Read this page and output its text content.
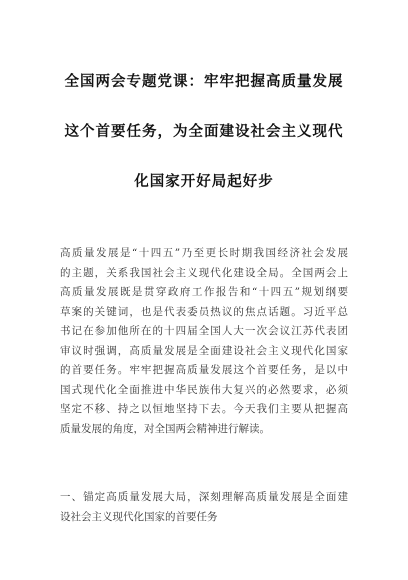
全国两会专题党课：牢牢把握高质量发展
这个首要任务，为全面建设社会主义现代
化国家开好局起好步
高质量发展是“十四五”乃至更长时期我国经济社会发展
的主题，关系我国社会主义现代化建设全局。全国两会上
高质量发展既是贯穿政府工作报告和“十四五”规划纲要
草案的关键词，也是代表委员热议的焦点话题。习近平总
书记在参加他所在的十四届全国人大一次会议江苏代表团
审议时强调，高质量发展是全面建设社会主义现代化国家
的首要任务。牢牢把握高质量发展这个首要任务，是以中
国式现代化全面推进中华民族伟大复兴的必然要求，必须
坚定不移、持之以恒地坚持下去。今天我们主要从把握高
质量发展的角度，对全国两会精神进行解读。
一、锚定高质量发展大局，深刻理解高质量发展是全面建
设社会主义现代化国家的首要任务
